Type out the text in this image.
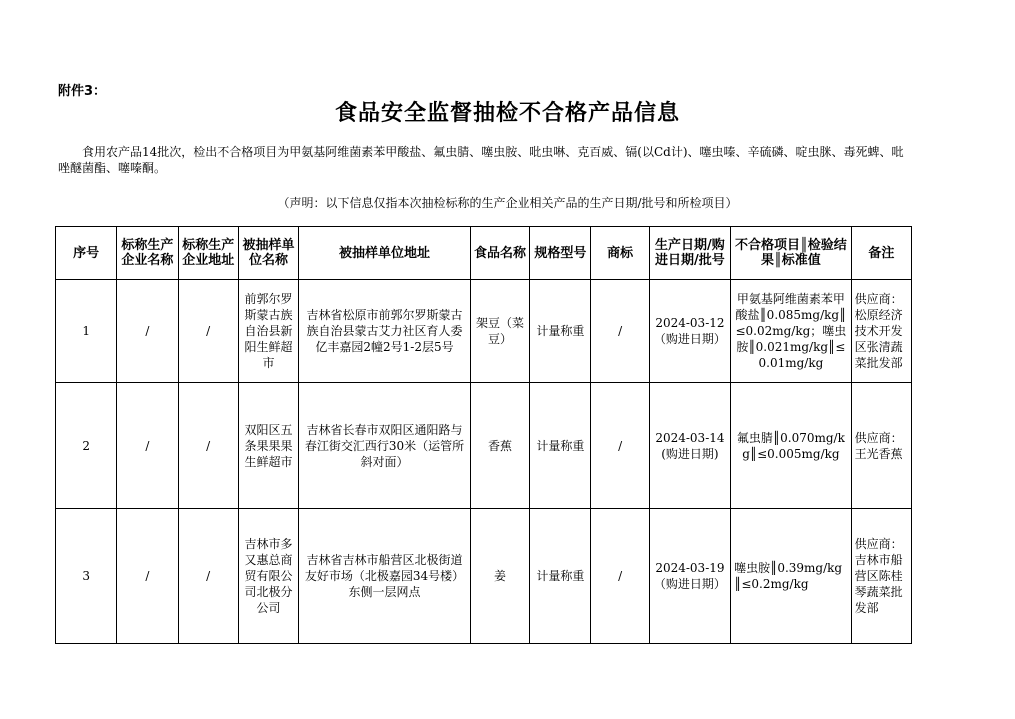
附件3：
食品安全监督抽检不合格产品信息
食用农产品14批次，检出不合格项目为甲氨基阿维菌素苯甲酸盐、氟虫腈、噻虫胺、吡虫啉、克百威、镉(以Cd计)、噻虫嗪、辛硫磷、啶虫脒、毒死蜱、吡唑醚菌酯、噻嗪酮。
（声明：以下信息仅指本次抽检标称的生产企业相关产品的生产日期/批号和所检项目）
序号	标称生产企业名称	标称生产企业地址	被抽样单位名称	被抽样单位地址	食品名称	规格型号	商标	生产日期/购进日期/批号	不合格项目║检验结果║标准值	备注
1	/	/	前郭尔罗斯蒙古族自治县新阳生鲜超市	吉林省松原市前郭尔罗斯蒙古族自治县蒙古艾力社区育人委亿丰嘉园2幢2号1-2层5号	架豆（菜豆）	计量称重	/	2024-03-12（购进日期）	甲氨基阿维菌素苯甲酸盐║0.085mg/kg║≤0.02mg/kg；噻虫胺║0.021mg/kg║≤0.01mg/kg	供应商：松原经济技术开发区张清蔬菜批发部
2	/	/	双阳区五条果果果生鲜超市	吉林省长春市双阳区通阳路与春江街交汇西行30米（运管所斜对面）	香蕉	计量称重	/	2024-03-14(购进日期)	氟虫腈║0.070mg/kg║≤0.005mg/kg	供应商：王光香蕉
3	/	/	吉林市多又惠总商贸有限公司北极分公司	吉林省吉林市船营区北极街道友好市场（北极嘉园34号楼）东侧一层网点	姜	计量称重	/	2024-03-19（购进日期）	噻虫胺║0.39mg/kg║≤0.2mg/kg	供应商：吉林市船营区陈桂琴蔬菜批发部
